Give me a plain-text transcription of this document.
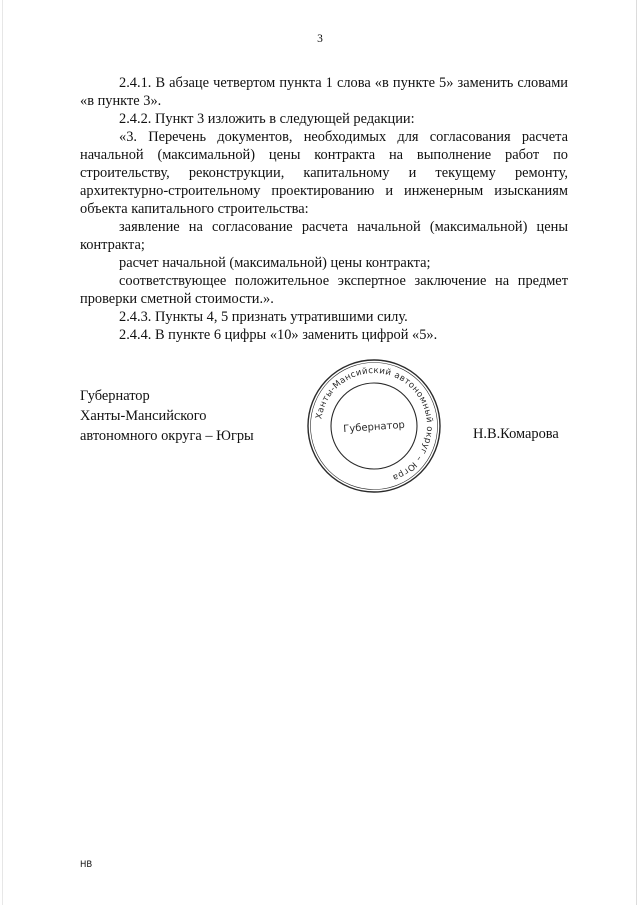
3

2.4.1. В абзаце четвертом пункта 1 слова «в пункте 5» заменить словами «в пункте 3».

2.4.2. Пункт 3 изложить в следующей редакции:

«3. Перечень документов, необходимых для согласования расчета начальной (максимальной) цены контракта на выполнение работ по строительству, реконструкции, капитальному и текущему ремонту, архитектурно-строительному проектированию и инженерным изысканиям объекта капитального строительства:

заявление на согласование расчета начальной (максимальной) цены контракта;

расчет начальной (максимальной) цены контракта;

соответствующее положительное экспертное заключение на предмет проверки сметной стоимости.».

2.4.3. Пункты 4, 5 признать утратившими силу.

2.4.4. В пункте 6 цифры «10» заменить цифрой «5».

Губернатор
Ханты-Мансийского
автономного округа – Югры
Ханты-Мансийский автономный округ – Югра
Губернатор	Н.В.Комарова
НВ
